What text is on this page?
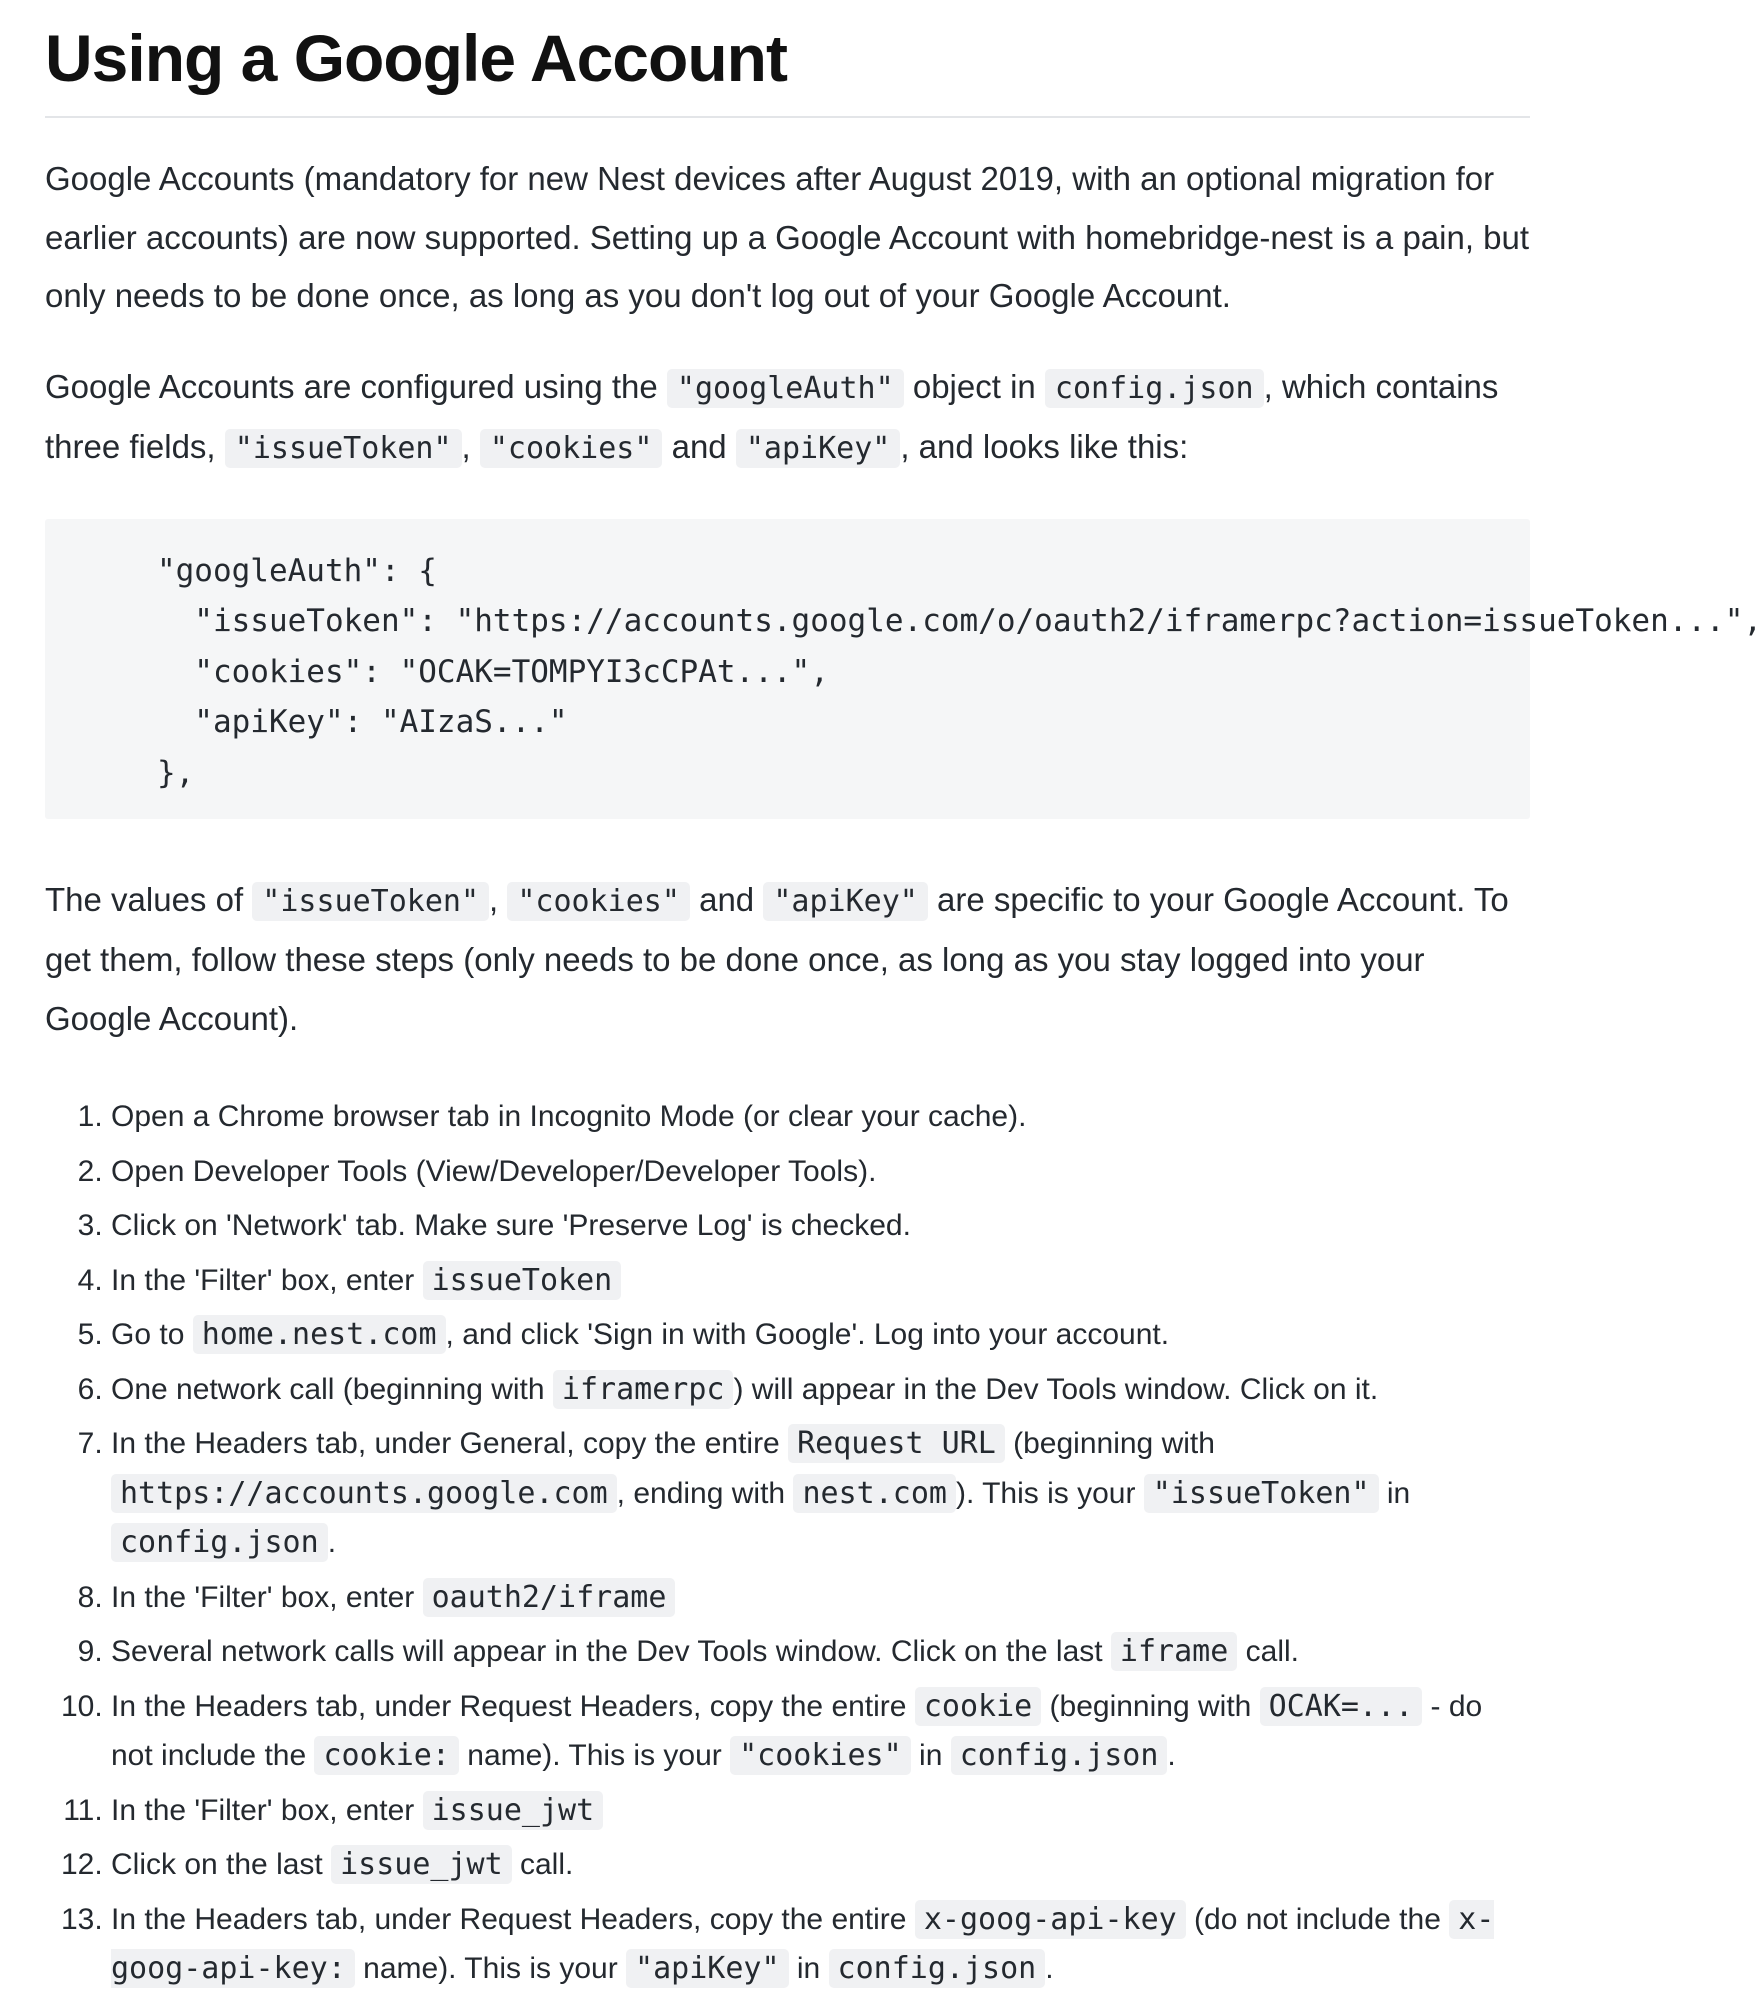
Using a Google Account

Google Accounts (mandatory for new Nest devices after August 2019, with an optional migration for earlier accounts) are now supported. Setting up a Google Account with homebridge-nest is a pain, but only needs to be done once, as long as you don't log out of your Google Account.

Google Accounts are configured using the "googleAuth" object in config.json , which contains three fields, "issueToken" , "cookies" and "apiKey" , and looks like this:

"googleAuth": {
"issueToken": "https://accounts.google.com/o/oauth2/iframerpc?action=issueToken...",
"cookies": "OCAK=TOMPYI3cCPAt...",
"apiKey": "AIzaS..."
},

The values of "issueToken" , "cookies" and "apiKey" are specific to your Google Account. To get them, follow these steps (only needs to be done once, as long as you stay logged into your Google Account).

1. Open a Chrome browser tab in Incognito Mode (or clear your cache).
2. Open Developer Tools (View/Developer/Developer Tools).
3. Click on 'Network' tab. Make sure 'Preserve Log' is checked.
4. In the 'Filter' box, enter issueToken
5. Go to home.nest.com , and click 'Sign in with Google'. Log into your account.
6. One network call (beginning with iframerpc ) will appear in the Dev Tools window. Click on it.
7. In the Headers tab, under General, copy the entire Request URL (beginning with https://accounts.google.com , ending with nest.com ). This is your "issueToken" in config.json .
8. In the 'Filter' box, enter oauth2/iframe
9. Several network calls will appear in the Dev Tools window. Click on the last iframe call.
10. In the Headers tab, under Request Headers, copy the entire cookie (beginning with OCAK=... - do not include the cookie: name). This is your "cookies" in config.json .
11. In the 'Filter' box, enter issue_jwt
12. Click on the last issue_jwt call.
13. In the Headers tab, under Request Headers, copy the entire x-goog-api-key (do not include the x-goog-api-key: name). This is your "apiKey" in config.json .
